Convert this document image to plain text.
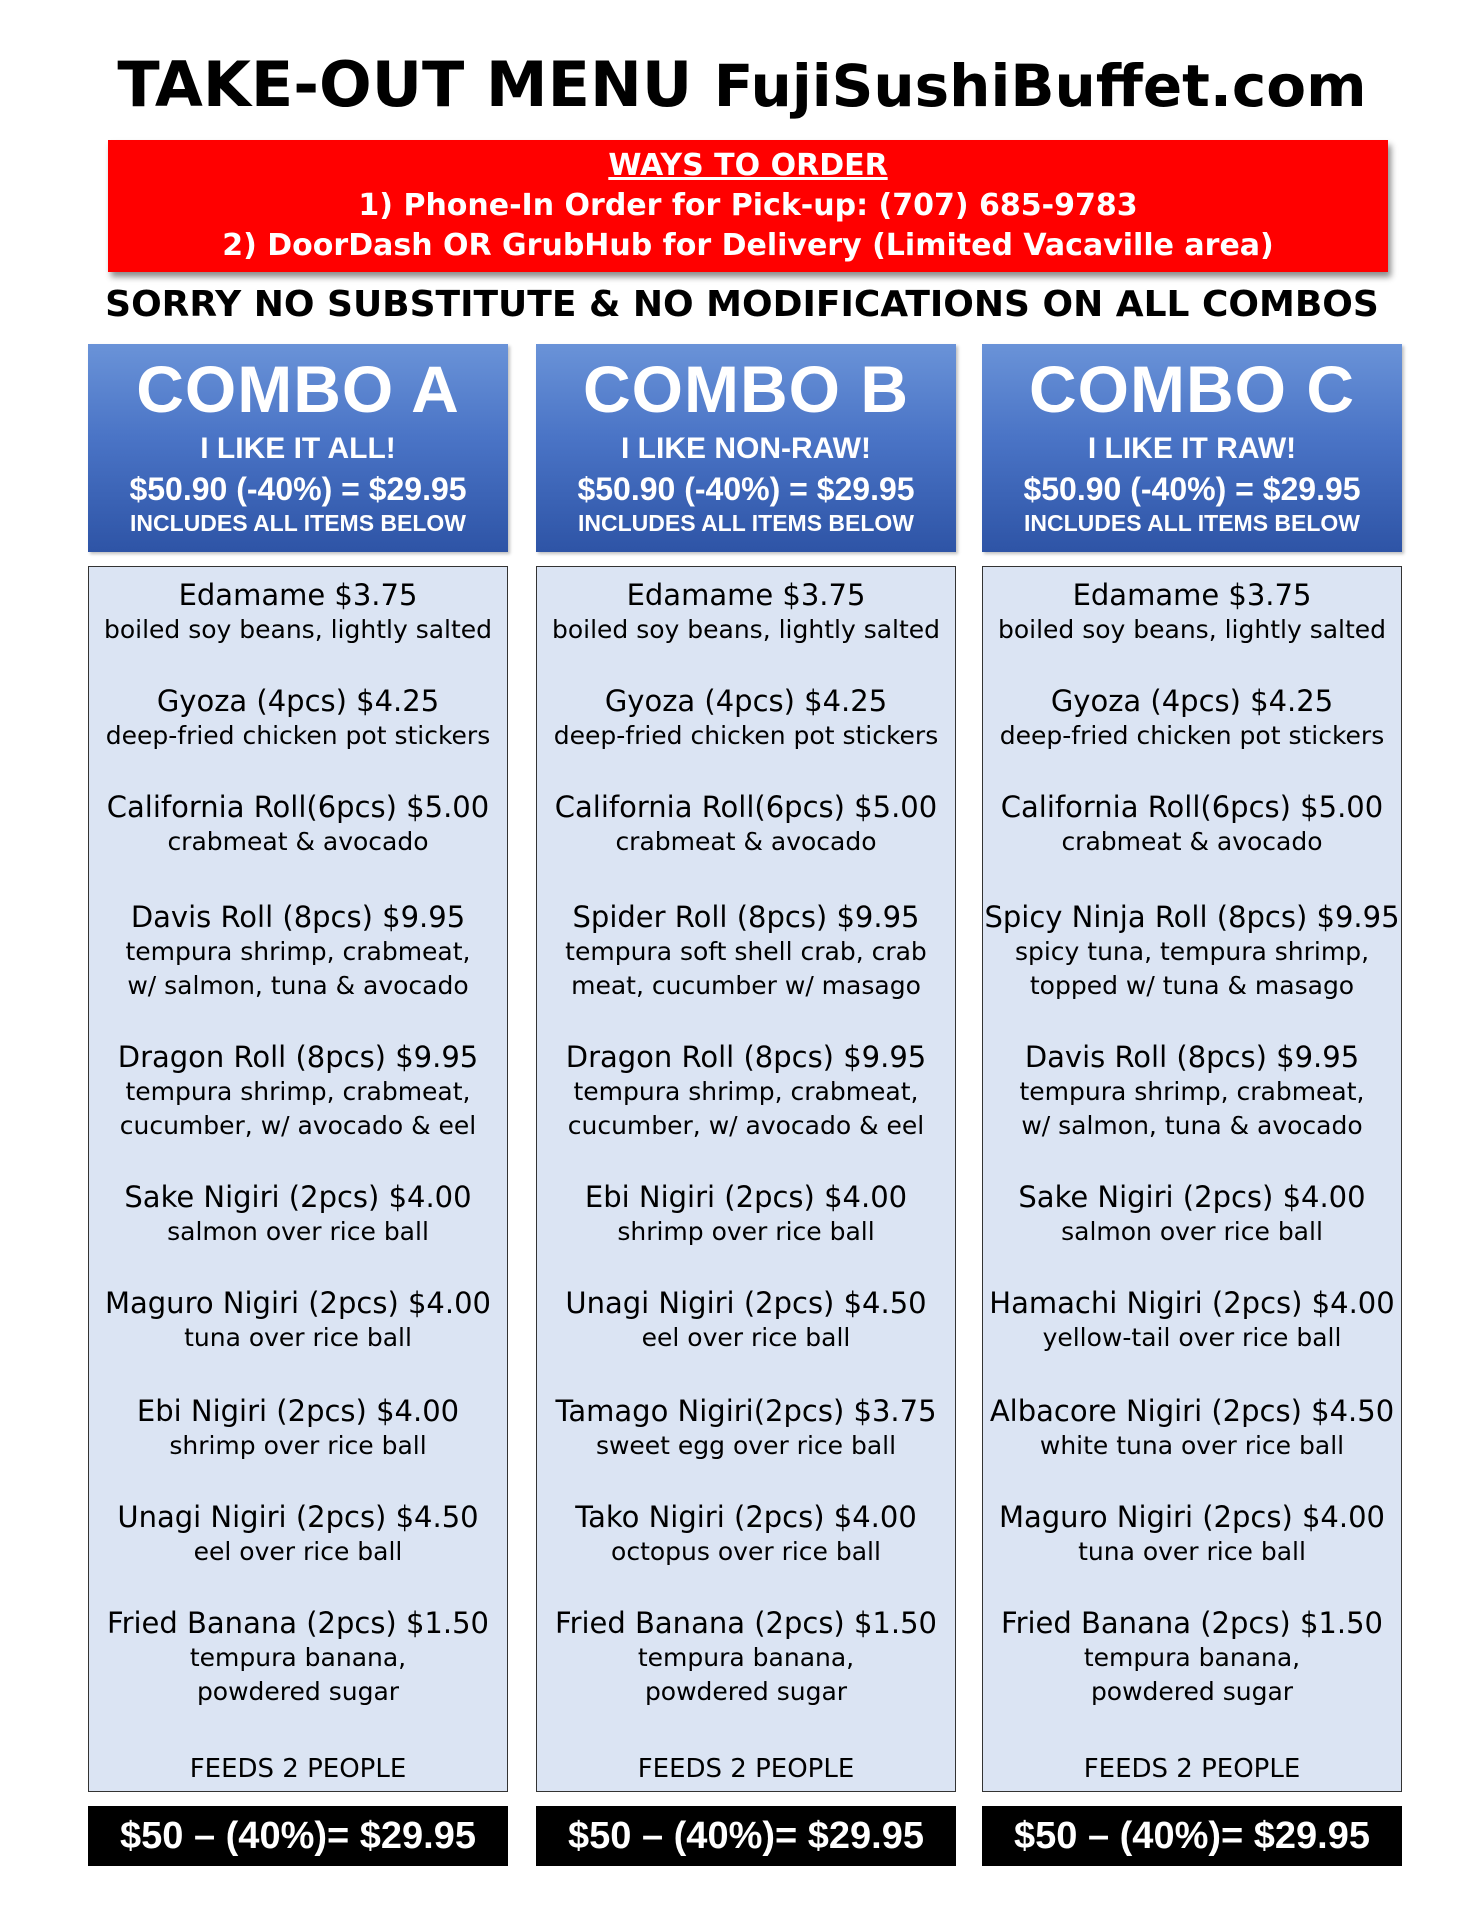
TAKE-OUT MENU FujiSushiBuffet.com
WAYS TO ORDER
1) Phone-In Order for Pick-up: (707) 685-9783
2) DoorDash OR GrubHub for Delivery (Limited Vacaville area)
SORRY NO SUBSTITUTE & NO MODIFICATIONS ON ALL COMBOS
COMBO A
I LIKE IT ALL!
$50.90 (-40%) = $29.95
INCLUDES ALL ITEMS BELOW
Edamame $3.75
boiled soy beans, lightly salted
Gyoza (4pcs) $4.25
deep-fried chicken pot stickers
California Roll(6pcs) $5.00
crabmeat & avocado
Davis Roll (8pcs) $9.95
tempura shrimp, crabmeat,
w/ salmon, tuna & avocado
Dragon Roll (8pcs) $9.95
tempura shrimp, crabmeat,
cucumber, w/ avocado & eel
Sake Nigiri (2pcs) $4.00
salmon over rice ball
Maguro Nigiri (2pcs) $4.00
tuna over rice ball
Ebi Nigiri (2pcs) $4.00
shrimp over rice ball
Unagi Nigiri (2pcs) $4.50
eel over rice ball
Fried Banana (2pcs) $1.50
tempura banana,
powdered sugar
FEEDS 2 PEOPLE
$50 – (40%)= $29.95
COMBO B
I LIKE NON-RAW!
$50.90 (-40%) = $29.95
INCLUDES ALL ITEMS BELOW
Edamame $3.75
boiled soy beans, lightly salted
Gyoza (4pcs) $4.25
deep-fried chicken pot stickers
California Roll(6pcs) $5.00
crabmeat & avocado
Spider Roll (8pcs) $9.95
tempura soft shell crab, crab
meat, cucumber w/ masago
Dragon Roll (8pcs) $9.95
tempura shrimp, crabmeat,
cucumber, w/ avocado & eel
Ebi Nigiri (2pcs) $4.00
shrimp over rice ball
Unagi Nigiri (2pcs) $4.50
eel over rice ball
Tamago Nigiri(2pcs) $3.75
sweet egg over rice ball
Tako Nigiri (2pcs) $4.00
octopus over rice ball
Fried Banana (2pcs) $1.50
tempura banana,
powdered sugar
FEEDS 2 PEOPLE
$50 – (40%)= $29.95
COMBO C
I LIKE IT RAW!
$50.90 (-40%) = $29.95
INCLUDES ALL ITEMS BELOW
Edamame $3.75
boiled soy beans, lightly salted
Gyoza (4pcs) $4.25
deep-fried chicken pot stickers
California Roll(6pcs) $5.00
crabmeat & avocado
Spicy Ninja Roll (8pcs) $9.95
spicy tuna, tempura shrimp,
topped w/ tuna & masago
Davis Roll (8pcs) $9.95
tempura shrimp, crabmeat,
w/ salmon, tuna & avocado
Sake Nigiri (2pcs) $4.00
salmon over rice ball
Hamachi Nigiri (2pcs) $4.00
yellow-tail over rice ball
Albacore Nigiri (2pcs) $4.50
white tuna over rice ball
Maguro Nigiri (2pcs) $4.00
tuna over rice ball
Fried Banana (2pcs) $1.50
tempura banana,
powdered sugar
FEEDS 2 PEOPLE
$50 – (40%)= $29.95
